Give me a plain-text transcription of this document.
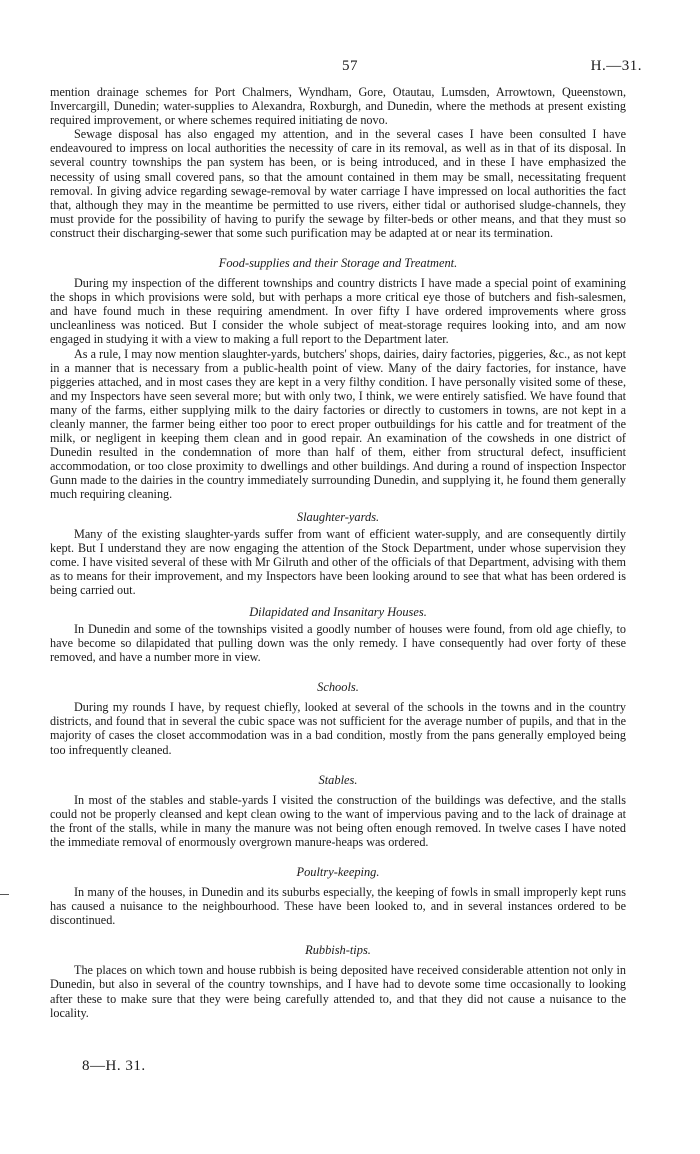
57	H.—31.

mention drainage schemes for Port Chalmers, Wyndham, Gore, Otautau, Lumsden, Arrowtown, Queenstown, Invercargill, Dunedin; water-supplies to Alexandra, Roxburgh, and Dunedin, where the methods at present existing required improvement, or where schemes required initiating de novo.

Sewage disposal has also engaged my attention, and in the several cases I have been consulted I have endeavoured to impress on local authorities the necessity of care in its removal, as well as in that of its disposal. In several country townships the pan system has been, or is being introduced, and in these I have emphasized the necessity of using small covered pans, so that the amount contained in them may be small, necessitating frequent removal. In giving advice regarding sewage-removal by water carriage I have impressed on local authorities the fact that, although they may in the meantime be permitted to use rivers, either tidal or authorised sludge-channels, they must provide for the possibility of having to purify the sewage by filter-beds or other means, and that they must so construct their discharging-sewer that some such purification may be adapted at or near its termination.

Food-supplies and their Storage and Treatment.

During my inspection of the different townships and country districts I have made a special point of examining the shops in which provisions were sold, but with perhaps a more critical eye those of butchers and fish-salesmen, and have found much in these requiring amendment. In over fifty I have ordered improvements where gross uncleanliness was noticed. But I consider the whole subject of meat-storage requires looking into, and am now engaged in studying it with a view to making a full report to the Department later.

As a rule, I may now mention slaughter-yards, butchers' shops, dairies, dairy factories, piggeries, &c., as not kept in a manner that is necessary from a public-health point of view. Many of the dairy factories, for instance, have piggeries attached, and in most cases they are kept in a very filthy condition. I have personally visited some of these, and my Inspectors have seen several more; but with only two, I think, we were entirely satisfied. We have found that many of the farms, either supplying milk to the dairy factories or directly to customers in towns, are not kept in a cleanly manner, the farmer being either too poor to erect proper outbuildings for his cattle and for treatment of the milk, or negligent in keeping them clean and in good repair. An examination of the cowsheds in one district of Dunedin resulted in the condemnation of more than half of them, either from structural defect, insufficient accommodation, or too close proximity to dwellings and other buildings. And during a round of inspection Inspector Gunn made to the dairies in the country immediately surrounding Dunedin, and supplying it, he found them generally much requiring cleaning.

Slaughter-yards.

Many of the existing slaughter-yards suffer from want of efficient water-supply, and are consequently dirtily kept. But I understand they are now engaging the attention of the Stock Department, under whose supervision they come. I have visited several of these with Mr Gilruth and other of the officials of that Department, advising with them as to means for their improvement, and my Inspectors have been looking around to see that what has been ordered is being carried out.

Dilapidated and Insanitary Houses.

In Dunedin and some of the townships visited a goodly number of houses were found, from old age chiefly, to have become so dilapidated that pulling down was the only remedy. I have consequently had over forty of these removed, and have a number more in view.

Schools.

During my rounds I have, by request chiefly, looked at several of the schools in the towns and in the country districts, and found that in several the cubic space was not sufficient for the average number of pupils, and that in the majority of cases the closet accommodation was in a bad condition, mostly from the pans generally employed being too infrequently cleaned.

Stables.

In most of the stables and stable-yards I visited the construction of the buildings was defective, and the stalls could not be properly cleansed and kept clean owing to the want of impervious paving and to the lack of drainage at the front of the stalls, while in many the manure was not being often enough removed. In twelve cases I have noted the immediate removal of enormously overgrown manure-heaps was ordered.

Poultry-keeping.

In many of the houses, in Dunedin and its suburbs especially, the keeping of fowls in small improperly kept runs has caused a nuisance to the neighbourhood. These have been looked to, and in several instances ordered to be discontinued.

Rubbish-tips.

The places on which town and house rubbish is being deposited have received considerable attention not only in Dunedin, but also in several of the country townships, and I have had to devote some time occasionally to looking after these to make sure that they were being carefully attended to, and that they did not cause a nuisance to the locality.

8—H. 31.
